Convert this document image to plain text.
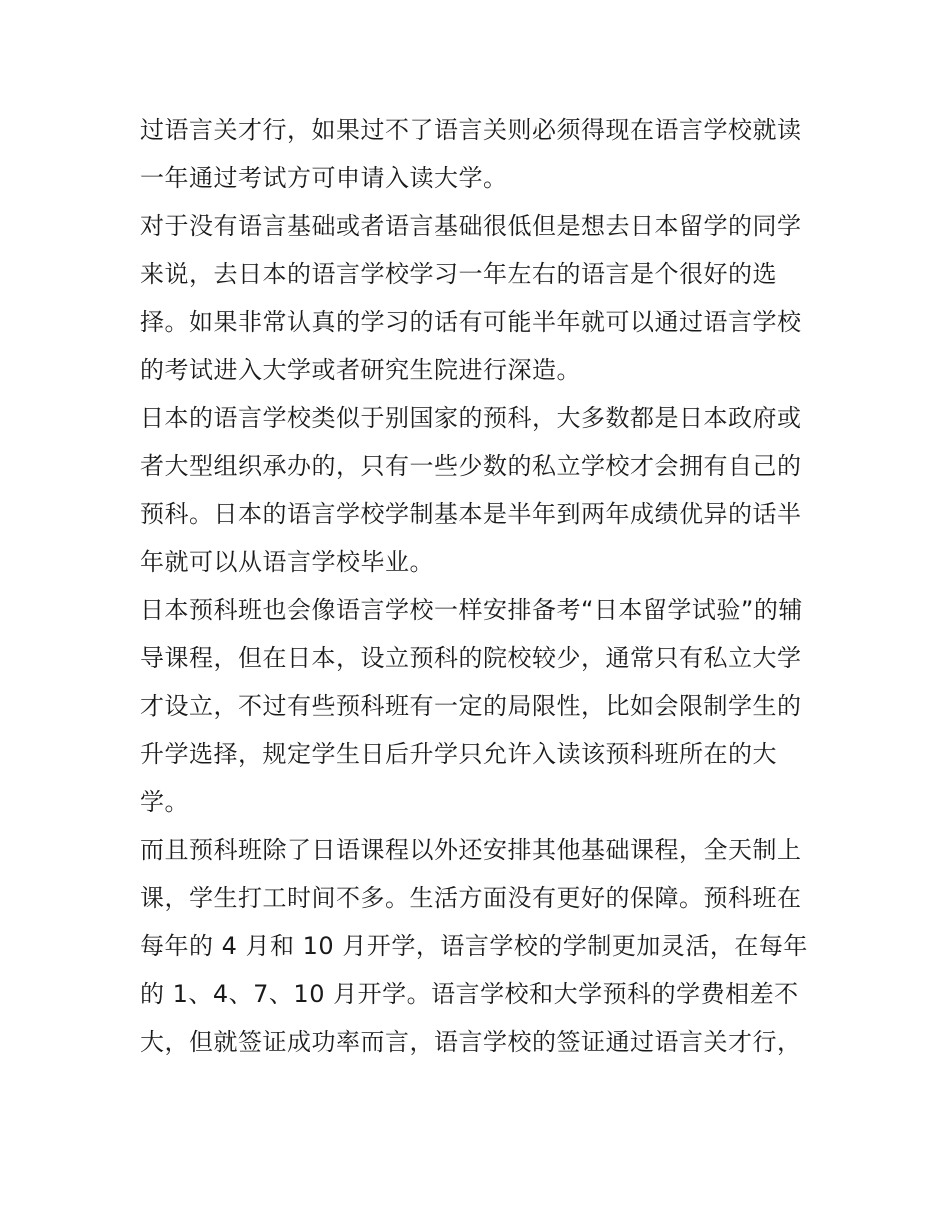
过语言关才行，如果过不了语言关则必须得现在语言学校就读
一年通过考试方可申请入读大学。
对于没有语言基础或者语言基础很低但是想去日本留学的同学
来说，去日本的语言学校学习一年左右的语言是个很好的选
择。如果非常认真的学习的话有可能半年就可以通过语言学校
的考试进入大学或者研究生院进行深造。
日本的语言学校类似于别国家的预科，大多数都是日本政府或
者大型组织承办的，只有一些少数的私立学校才会拥有自己的
预科。日本的语言学校学制基本是半年到两年成绩优异的话半
年就可以从语言学校毕业。
日本预科班也会像语言学校一样安排备考“日本留学试验”的辅
导课程，但在日本，设立预科的院校较少，通常只有私立大学
才设立，不过有些预科班有一定的局限性，比如会限制学生的
升学选择，规定学生日后升学只允许入读该预科班所在的大
学。
而且预科班除了日语课程以外还安排其他基础课程，全天制上
课，学生打工时间不多。生活方面没有更好的保障。预科班在
每年的 4 月和 10 月开学，语言学校的学制更加灵活，在每年
的 1、4、7、10 月开学。语言学校和大学预科的学费相差不
大，但就签证成功率而言，语言学校的签证通过语言关才行，
